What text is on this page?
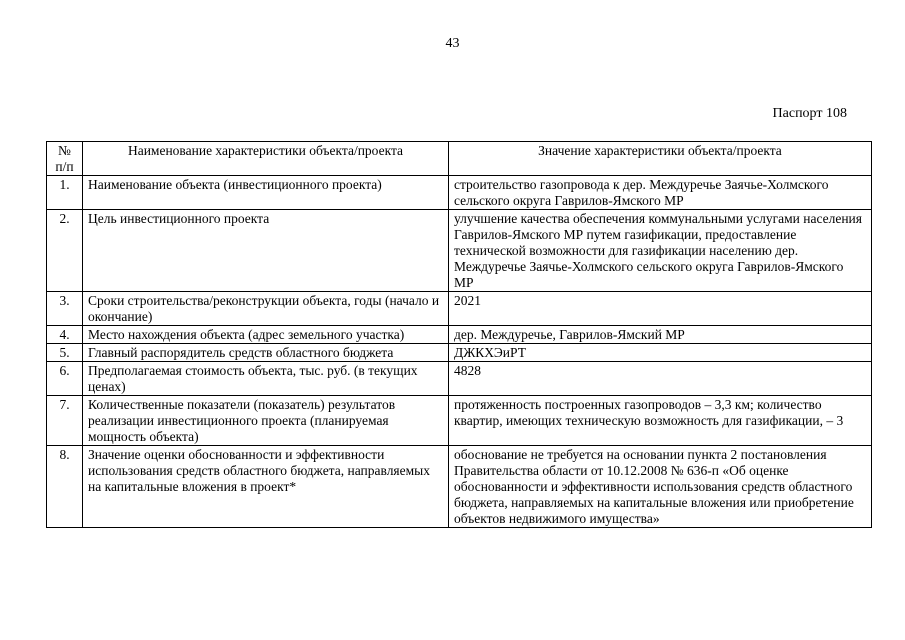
43
Паспорт 108
№ п/п	Наименование характеристики объекта/проекта	Значение характеристики объекта/проекта
1.	Наименование объекта (инвестиционного проекта)	строительство газопровода к дер. Междуречье Заячье-Холмского сельского округа Гаврилов-Ямского МР
2.	Цель инвестиционного проекта	улучшение качества обеспечения коммунальными услугами населения Гаврилов-Ямского МР путем газификации, предоставление технической возможности для газификации населению дер. Междуречье Заячье-Холмского сельского округа Гаврилов-Ямского МР
3.	Сроки строительства/реконструкции объекта, годы (начало и окончание)	2021
4.	Место нахождения объекта (адрес земельного участка)	дер. Междуречье, Гаврилов-Ямский МР
5.	Главный распорядитель средств областного бюджета	ДЖКХЭиРТ
6.	Предполагаемая стоимость объекта, тыс. руб. (в текущих ценах)	4828
7.	Количественные показатели (показатель) результатов реализации инвестиционного проекта (планируемая мощность объекта)	протяженность построенных газопроводов – 3,3 км; количество квартир, имеющих техническую возможность для газификации, – 3
8.	Значение оценки обоснованности и эффективности использования средств областного бюджета, направляемых на капитальные вложения в проект*	обоснование не требуется на основании пункта 2 постановления Правительства области от 10.12.2008 № 636-п «Об оценке обоснованности и эффективности использования средств областного бюджета, направляемых на капитальные вложения или приобретение объектов недвижимого имущества»
